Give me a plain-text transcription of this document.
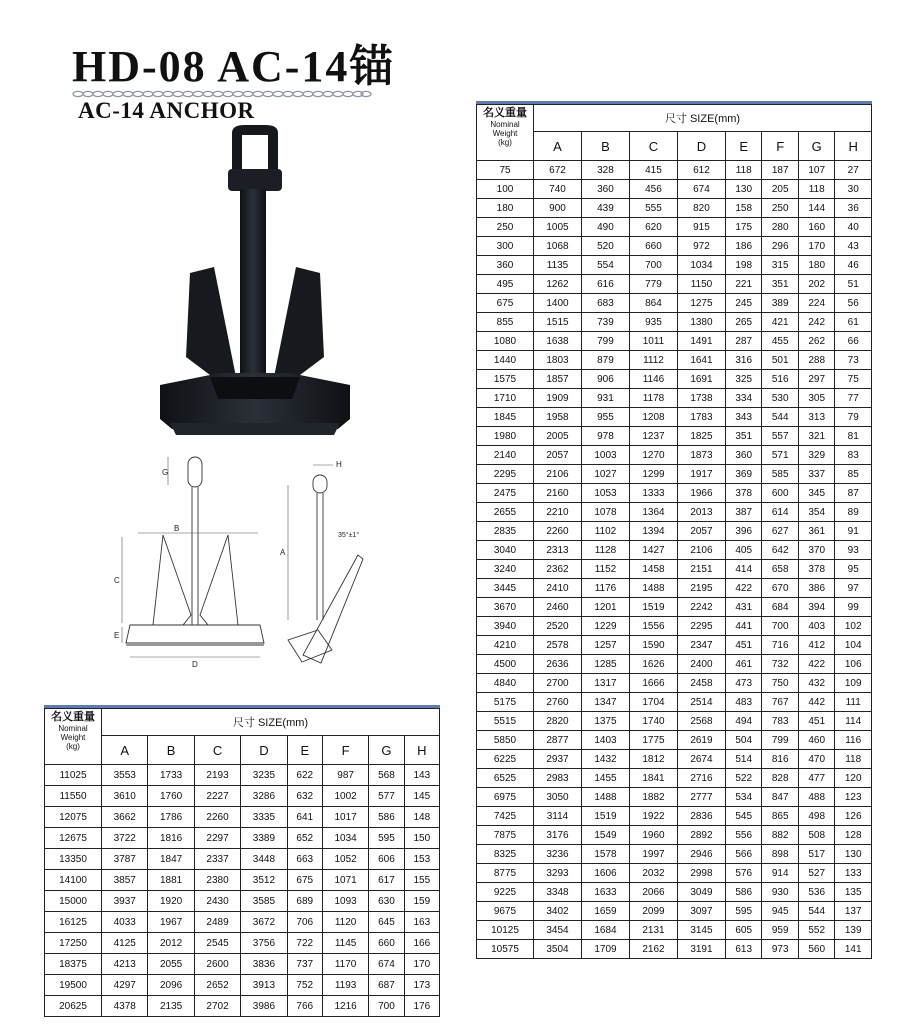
HD-08 AC-14锚
AC-14 ANCHOR
G
B
C
E
D
H
A
35°±1°
名义重量
Nominal
Weight
(kg)	尺寸 SIZE(mm)							
	A	B	C	D	E	F	G	H
75	672	328	415	612	118	187	107	27
100	740	360	456	674	130	205	118	30
180	900	439	555	820	158	250	144	36
250	1005	490	620	915	175	280	160	40
300	1068	520	660	972	186	296	170	43
360	1135	554	700	1034	198	315	180	46
495	1262	616	779	1150	221	351	202	51
675	1400	683	864	1275	245	389	224	56
855	1515	739	935	1380	265	421	242	61
1080	1638	799	1011	1491	287	455	262	66
1440	1803	879	1112	1641	316	501	288	73
1575	1857	906	1146	1691	325	516	297	75
1710	1909	931	1178	1738	334	530	305	77
1845	1958	955	1208	1783	343	544	313	79
1980	2005	978	1237	1825	351	557	321	81
2140	2057	1003	1270	1873	360	571	329	83
2295	2106	1027	1299	1917	369	585	337	85
2475	2160	1053	1333	1966	378	600	345	87
2655	2210	1078	1364	2013	387	614	354	89
2835	2260	1102	1394	2057	396	627	361	91
3040	2313	1128	1427	2106	405	642	370	93
3240	2362	1152	1458	2151	414	658	378	95
3445	2410	1176	1488	2195	422	670	386	97
3670	2460	1201	1519	2242	431	684	394	99
3940	2520	1229	1556	2295	441	700	403	102
4210	2578	1257	1590	2347	451	716	412	104
4500	2636	1285	1626	2400	461	732	422	106
4840	2700	1317	1666	2458	473	750	432	109
5175	2760	1347	1704	2514	483	767	442	111
5515	2820	1375	1740	2568	494	783	451	114
5850	2877	1403	1775	2619	504	799	460	116
6225	2937	1432	1812	2674	514	816	470	118
6525	2983	1455	1841	2716	522	828	477	120
6975	3050	1488	1882	2777	534	847	488	123
7425	3114	1519	1922	2836	545	865	498	126
7875	3176	1549	1960	2892	556	882	508	128
8325	3236	1578	1997	2946	566	898	517	130
8775	3293	1606	2032	2998	576	914	527	133
9225	3348	1633	2066	3049	586	930	536	135
9675	3402	1659	2099	3097	595	945	544	137
10125	3454	1684	2131	3145	605	959	552	139
10575	3504	1709	2162	3191	613	973	560	141
名义重量
Nominal
Weight
(kg)	尺寸 SIZE(mm)							
	A	B	C	D	E	F	G	H
11025	3553	1733	2193	3235	622	987	568	143
11550	3610	1760	2227	3286	632	1002	577	145
12075	3662	1786	2260	3335	641	1017	586	148
12675	3722	1816	2297	3389	652	1034	595	150
13350	3787	1847	2337	3448	663	1052	606	153
14100	3857	1881	2380	3512	675	1071	617	155
15000	3937	1920	2430	3585	689	1093	630	159
16125	4033	1967	2489	3672	706	1120	645	163
17250	4125	2012	2545	3756	722	1145	660	166
18375	4213	2055	2600	3836	737	1170	674	170
19500	4297	2096	2652	3913	752	1193	687	173
20625	4378	2135	2702	3986	766	1216	700	176
